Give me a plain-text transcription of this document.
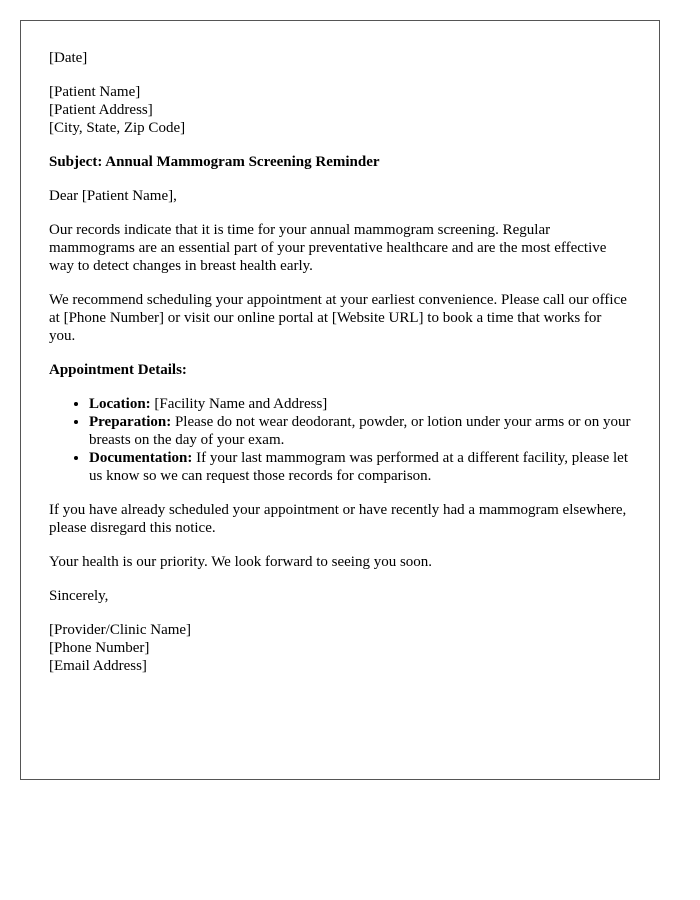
[Date]

[Patient Name]
[Patient Address]
[City, State, Zip Code]

Subject: Annual Mammogram Screening Reminder

Dear [Patient Name],

Our records indicate that it is time for your annual mammogram screening. Regular mammograms are an essential part of your preventative healthcare and are the most effective way to detect changes in breast health early.

We recommend scheduling your appointment at your earliest convenience. Please call our office at [Phone Number] or visit our online portal at [Website URL] to book a time that works for you.

Appointment Details:

• Location: [Facility Name and Address]
• Preparation: Please do not wear deodorant, powder, or lotion under your arms or on your breasts on the day of your exam.
• Documentation: If your last mammogram was performed at a different facility, please let us know so we can request those records for comparison.

If you have already scheduled your appointment or have recently had a mammogram elsewhere, please disregard this notice.

Your health is our priority. We look forward to seeing you soon.

Sincerely,

[Provider/Clinic Name]
[Phone Number]
[Email Address]
